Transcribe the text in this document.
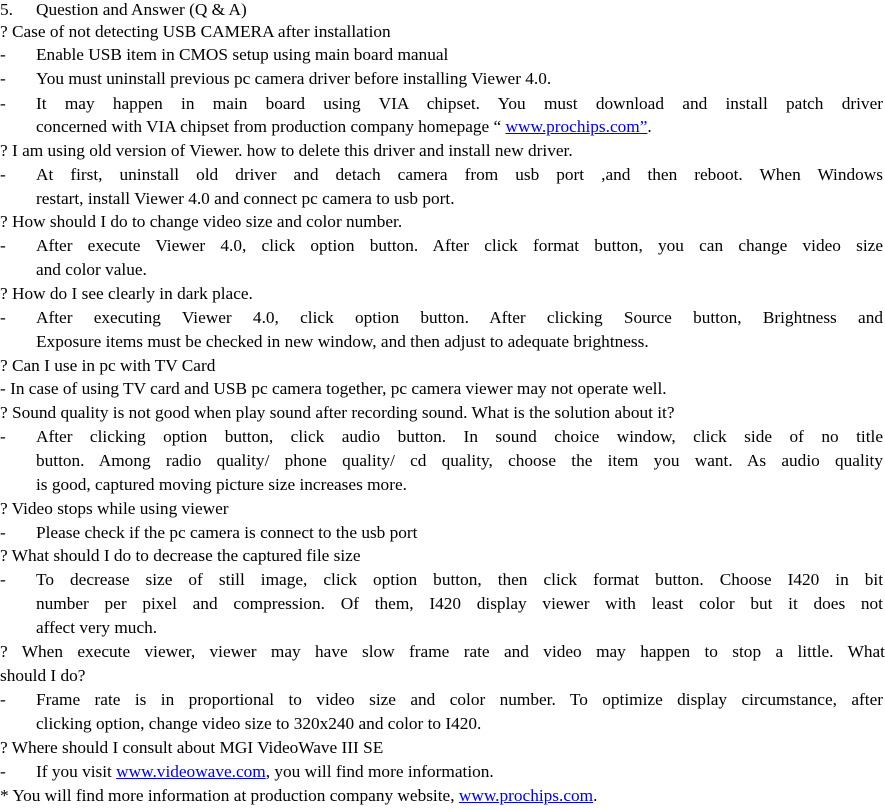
5. Question and Answer (Q & A)
? Case of not detecting USB CAMERA after installation
-	Enable USB item in CMOS setup using main board manual
-	You must uninstall previous pc camera driver before installing Viewer 4.0.
-	It may happen in main board using VIA chipset. You must download and install patch driver
concerned with VIA chipset from production company homepage “ www.prochips.com”.
? I am using old version of Viewer. how to delete this driver and install new driver.
-	At first, uninstall old driver and detach camera from usb port ,and then reboot. When Windows
restart, install Viewer 4.0 and connect pc camera to usb port.
? How should I do to change video size and color number.
-	After execute Viewer 4.0, click option button. After click format button, you can change video size
and color value.
? How do I see clearly in dark place.
-	After executing Viewer 4.0, click option button. After clicking Source button, Brightness and
Exposure items must be checked in new window, and then adjust to adequate brightness.
? Can I use in pc with TV Card
- In case of using TV card and USB pc camera together, pc camera viewer may not operate well.
? Sound quality is not good when play sound after recording sound. What is the solution about it?
-	After clicking option button, click audio button. In sound choice window, click side of no title
button. Among radio quality/ phone quality/ cd quality, choose the item you want. As audio quality
is good, captured moving picture size increases more.
? Video stops while using viewer
-	Please check if the pc camera is connect to the usb port
? What should I do to decrease the captured file size
-	To decrease size of still image, click option button, then click format button. Choose I420 in bit
number per pixel and compression. Of them, I420 display viewer with least color but it does not
affect very much.
? When execute viewer, viewer may have slow frame rate and video may happen to stop a little. What
should I do?
-	Frame rate is in proportional to video size and color number. To optimize display circumstance, after
clicking option, change video size to 320x240 and color to I420.
? Where should I consult about MGI VideoWave III SE
-	If you visit www.videowave.com, you will find more information.
* You will find more information at production company website, www.prochips.com.
